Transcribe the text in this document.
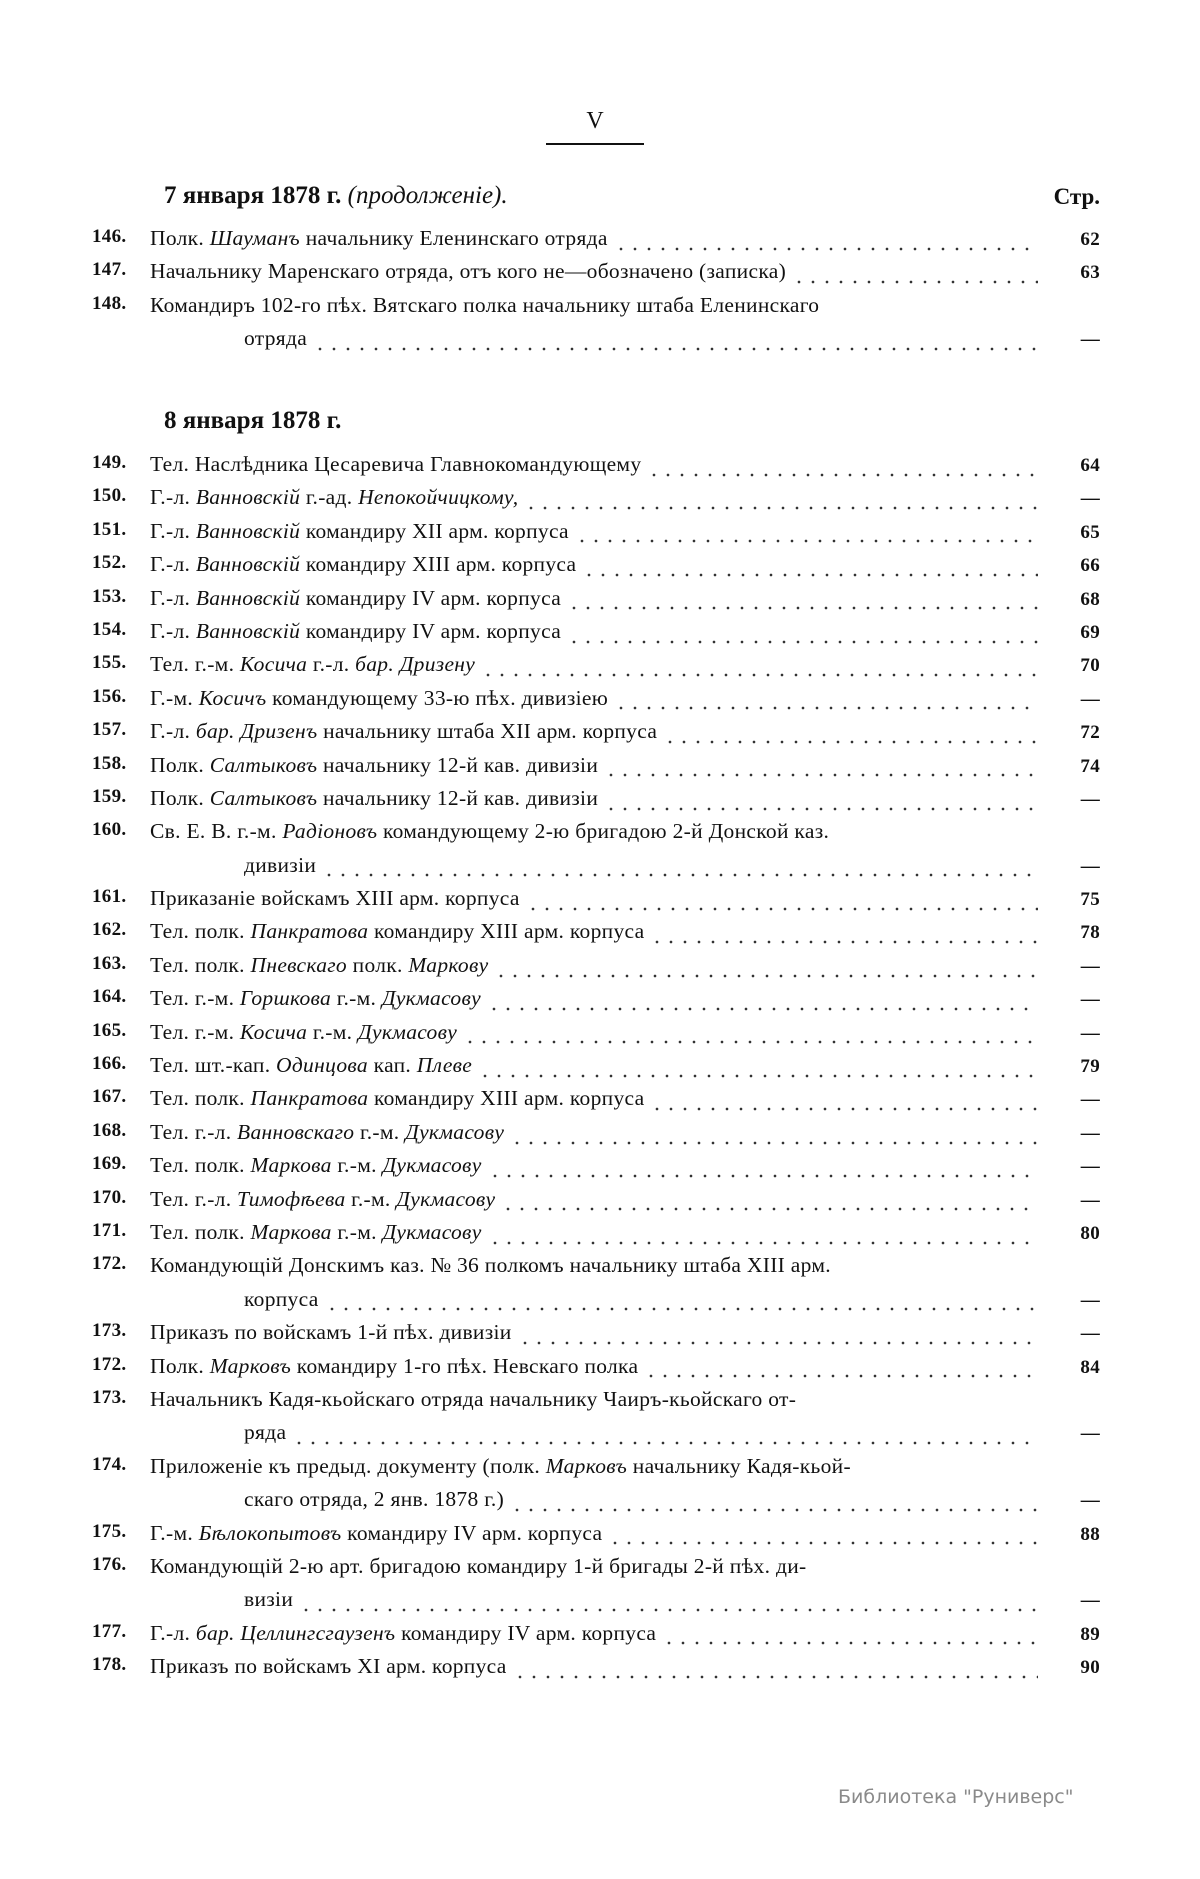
V
7 января 1878 г. (продолженіе).	Стр.
146.	Полк. Шауманъ начальнику Еленинскаго отряда	62
147.	Начальнику Маренскаго отряда, отъ кого не—обозначено (записка)	63
148.	Командиръ 102-го пѣх. Вятскаго полка начальнику штаба Еленинскаго
отряда	—
8 января 1878 г.
149.	Тел. Наслѣдника Цесаревича Главнокомандующему	64
150.	Г.-л. Ванновскій г.-ад. Непокойчицкому,	—
151.	Г.-л. Ванновскій командиру XII арм. корпуса	65
152.	Г.-л. Ванновскій командиру XIII арм. корпуса	66
153.	Г.-л. Ванновскій командиру IV арм. корпуса	68
154.	Г.-л. Ванновскій командиру IV арм. корпуса	69
155.	Тел. г.-м. Косича г.-л. бар. Дризену	70
156.	Г.-м. Косичъ командующему 33-ю пѣх. дивизіею	—
157.	Г.-л. бар. Дризенъ начальнику штаба XII арм. корпуса	72
158.	Полк. Салтыковъ начальнику 12-й кав. дивизіи	74
159.	Полк. Салтыковъ начальнику 12-й кав. дивизіи	—
160.	Св. Е. В. г.-м. Радіоновъ командующему 2-ю бригадою 2-й Донской каз.
дивизіи	—
161.	Приказаніе войскамъ XIII арм. корпуса	75
162.	Тел. полк. Панкратова командиру XIII арм. корпуса	78
163.	Тел. полк. Пневскаго полк. Маркову	—
164.	Тел. г.-м. Горшкова г.-м. Дукмасову	—
165.	Тел. г.-м. Косича г.-м. Дукмасову	—
166.	Тел. шт.-кап. Одинцова кап. Плеве	79
167.	Тел. полк. Панкратова командиру XIII арм. корпуса	—
168.	Тел. г.-л. Ванновскаго г.-м. Дукмасову	—
169.	Тел. полк. Маркова г.-м. Дукмасову	—
170.	Тел. г.-л. Тимофѣева г.-м. Дукмасову	—
171.	Тел. полк. Маркова г.-м. Дукмасову	80
172.	Командующій Донскимъ каз. № 36 полкомъ начальнику штаба XIII арм.
корпуса	—
173.	Приказъ по войскамъ 1-й пѣх. дивизіи	—
172.	Полк. Марковъ командиру 1-го пѣх. Невскаго полка	84
173.	Начальникъ Кадя-кьойскаго отряда начальнику Чаиръ-кьойскаго от-
ряда	—
174.	Приложеніе къ предыд. документу (полк. Марковъ начальнику Кадя-кьой-
скаго отряда, 2 янв. 1878 г.)	—
175.	Г.-м. Бѣлокопытовъ командиру IV арм. корпуса	88
176.	Командующій 2-ю арт. бригадою командиру 1-й бригады 2-й пѣх. ди-
визіи	—
177.	Г.-л. бар. Целлингсгаузенъ командиру IV арм. корпуса	89
178.	Приказъ по войскамъ XI арм. корпуса	90
Библиотека "Руниверс"
